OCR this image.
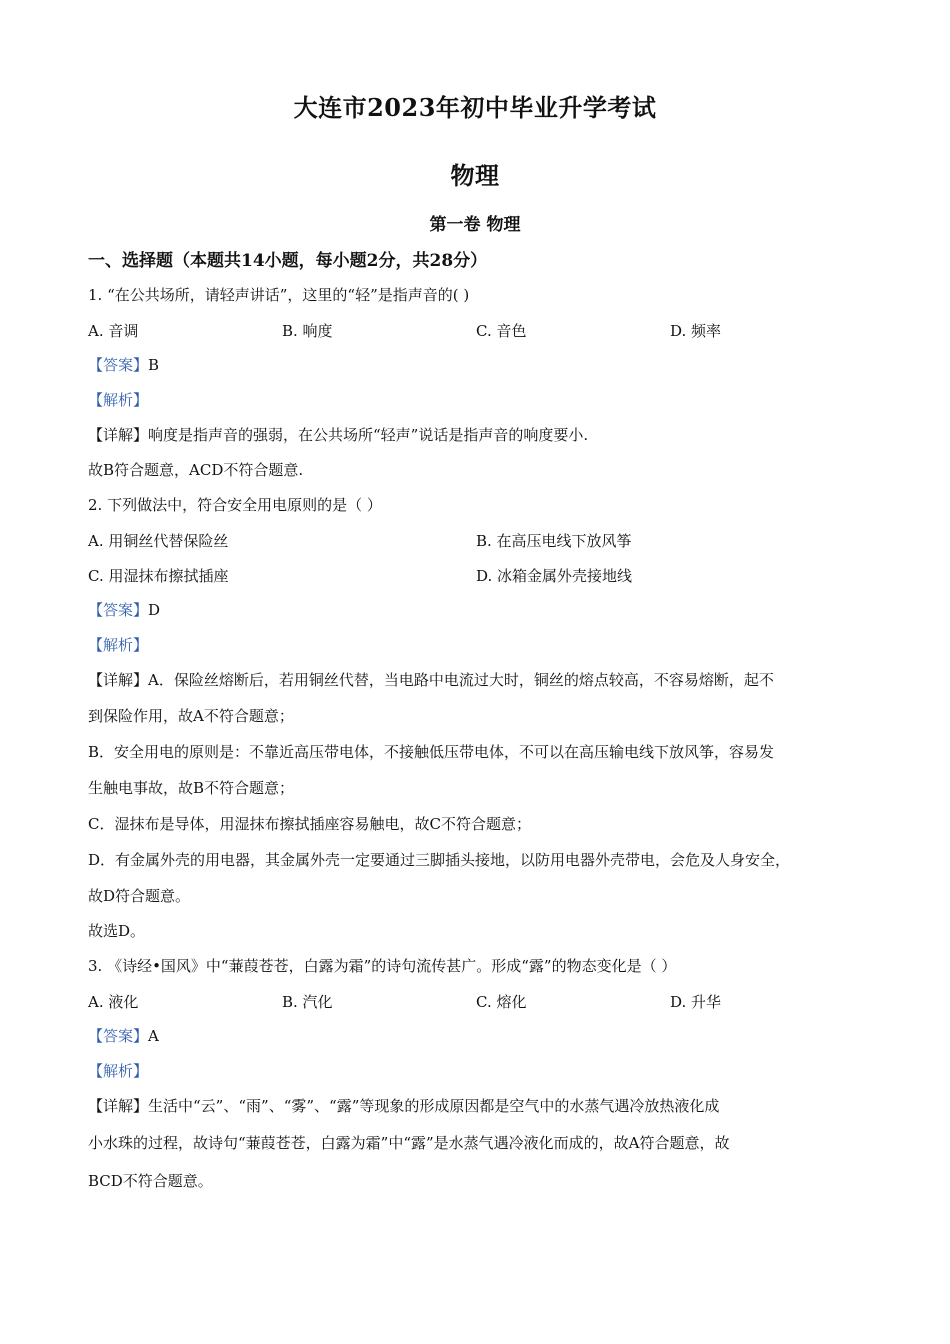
大连市2023年初中毕业升学考试
物理
第一卷 物理
一、选择题（本题共14小题，每小题2分，共28分）
1. “在公共场所，请轻声讲话”，这里的“轻”是指声音的( )
A. 音调	B. 响度	C. 音色	D. 频率
【答案】B
【解析】
【详解】响度是指声音的强弱，在公共场所“轻声”说话是指声音的响度要小.
故B符合题意，ACD不符合题意.
2. 下列做法中，符合安全用电原则的是（ ）
A. 用铜丝代替保险丝	B. 在高压电线下放风筝
C. 用湿抹布擦拭插座	D. 冰箱金属外壳接地线
【答案】D
【解析】
【详解】A．保险丝熔断后，若用铜丝代替，当电路中电流过大时，铜丝的熔点较高，不容易熔断，起不
到保险作用，故A不符合题意；
B．安全用电的原则是：不靠近高压带电体，不接触低压带电体，不可以在高压输电线下放风筝，容易发
生触电事故，故B不符合题意；
C．湿抹布是导体，用湿抹布擦拭插座容易触电，故C不符合题意；
D．有金属外壳的用电器，其金属外壳一定要通过三脚插头接地，以防用电器外壳带电，会危及人身安全，
故D符合题意。
故选D。
3. 《诗经•国风》中“蒹葭苍苍，白露为霜”的诗句流传甚广。形成“露”的物态变化是（ ）
A. 液化	B. 汽化	C. 熔化	D. 升华
【答案】A
【解析】
【详解】生活中“云”、“雨”、“雾”、“露”等现象的形成原因都是空气中的水蒸气遇冷放热液化成
小水珠的过程，故诗句“蒹葭苍苍，白露为霜”中“露”是水蒸气遇冷液化而成的，故A符合题意，故
BCD不符合题意。
